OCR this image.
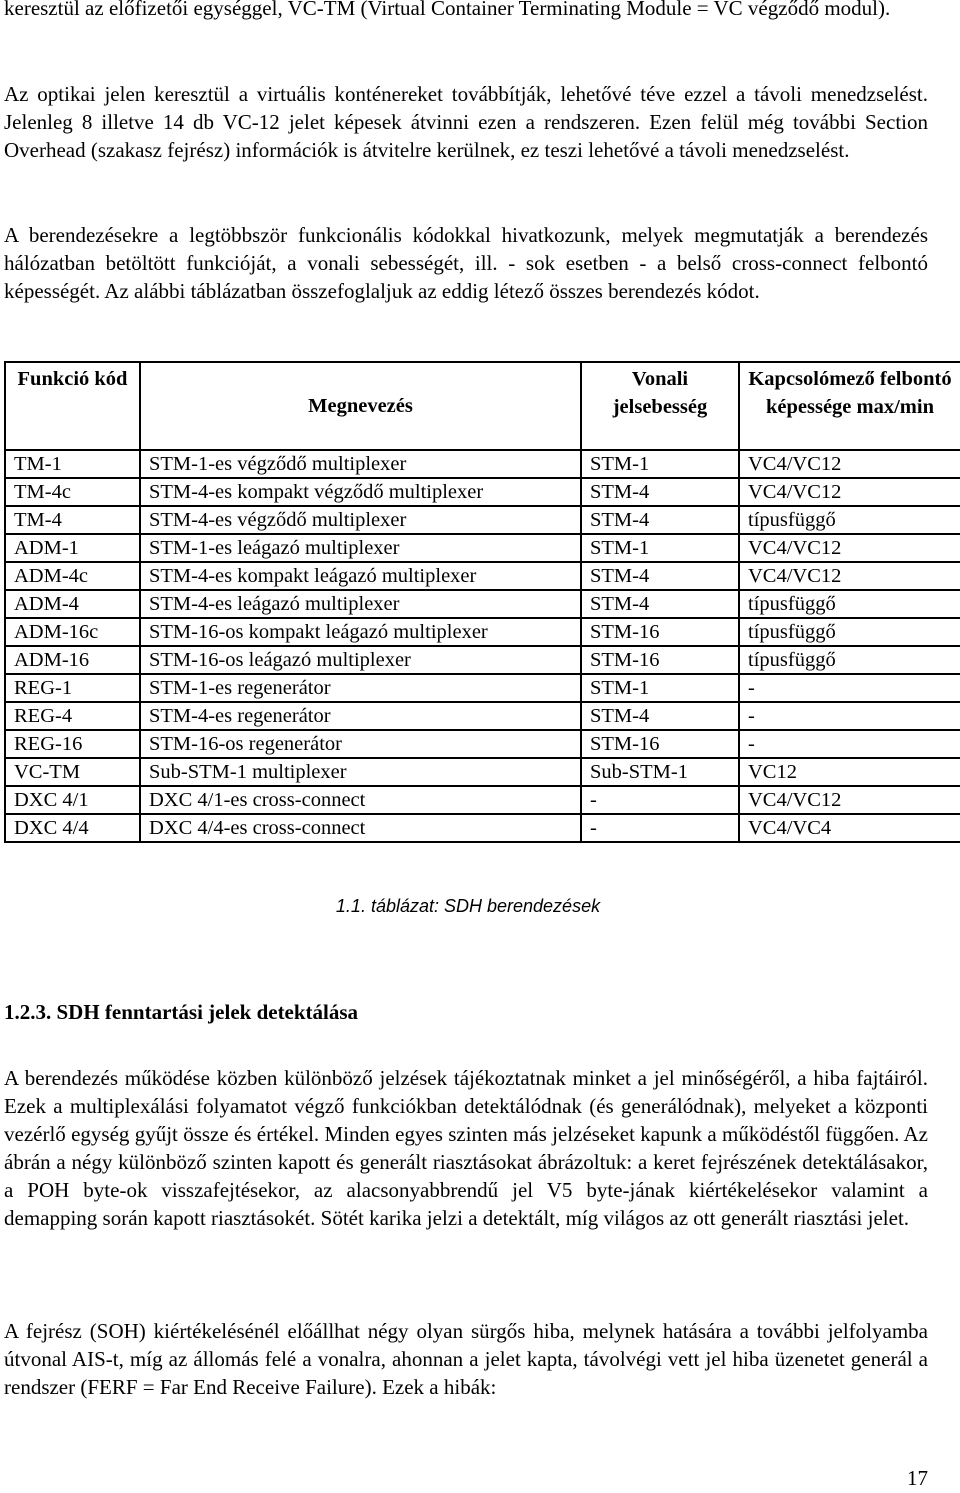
keresztül az előfizetői egységgel, VC-TM (Virtual Container Terminating Module = VC végződő modul).

Az optikai jelen keresztül a virtuális konténereket továbbítják, lehetővé téve ezzel a távoli menedzselést. Jelenleg 8 illetve 14 db VC-12 jelet képesek átvinni ezen a rendszeren. Ezen felül még további Section Overhead (szakasz fejrész) információk is átvitelre kerülnek, ez teszi lehetővé a távoli menedzselést.

A berendezésekre a legtöbbször funkcionális kódokkal hivatkozunk, melyek megmutatják a berendezés hálózatban betöltött funkcióját, a vonali sebességét, ill. - sok esetben - a belső cross-connect felbontó képességét. Az alábbi táblázatban összefoglaljuk az eddig létező összes berendezés kódot.

Funkció kód	Megnevezés	Vonali jelsebesség	Kapcsolómező felbontó képessége max/min
TM-1	STM-1-es végződő multiplexer	STM-1	VC4/VC12
TM-4c	STM-4-es kompakt végződő multiplexer	STM-4	VC4/VC12
TM-4	STM-4-es végződő multiplexer	STM-4	típusfüggő
ADM-1	STM-1-es leágazó multiplexer	STM-1	VC4/VC12
ADM-4c	STM-4-es kompakt leágazó multiplexer	STM-4	VC4/VC12
ADM-4	STM-4-es leágazó multiplexer	STM-4	típusfüggő
ADM-16c	STM-16-os kompakt leágazó multiplexer	STM-16	típusfüggő
ADM-16	STM-16-os leágazó multiplexer	STM-16	típusfüggő
REG-1	STM-1-es regenerátor	STM-1	-
REG-4	STM-4-es regenerátor	STM-4	-
REG-16	STM-16-os regenerátor	STM-16	-
VC-TM	Sub-STM-1 multiplexer	Sub-STM-1	VC12
DXC 4/1	DXC 4/1-es cross-connect	-	VC4/VC12
DXC 4/4	DXC 4/4-es cross-connect	-	VC4/VC4
1.1. táblázat: SDH berendezések
1.2.3. SDH fenntartási jelek detektálása

A berendezés működése közben különböző jelzések tájékoztatnak minket a jel minőségéről, a hiba fajtáiról. Ezek a multiplexálási folyamatot végző funkciókban detektálódnak (és generálódnak), melyeket a központi vezérlő egység gyűjt össze és értékel. Minden egyes szinten más jelzéseket kapunk a működéstől függően. Az ábrán a négy különböző szinten kapott és generált riasztásokat ábrázoltuk: a keret fejrészének detektálásakor, a POH byte-ok visszafejtésekor, az alacsonyabbrendű jel V5 byte-jának kiértékelésekor valamint a demapping során kapott riasztásokét. Sötét karika jelzi a detektált, míg világos az ott generált riasztási jelet.

A fejrész (SOH) kiértékelésénél előállhat négy olyan sürgős hiba, melynek hatására a további jelfolyamba útvonal AIS-t, míg az állomás felé a vonalra, ahonnan a jelet kapta, távolvégi vett jel hiba üzenetet generál a rendszer (FERF = Far End Receive Failure). Ezek a hibák:

17
